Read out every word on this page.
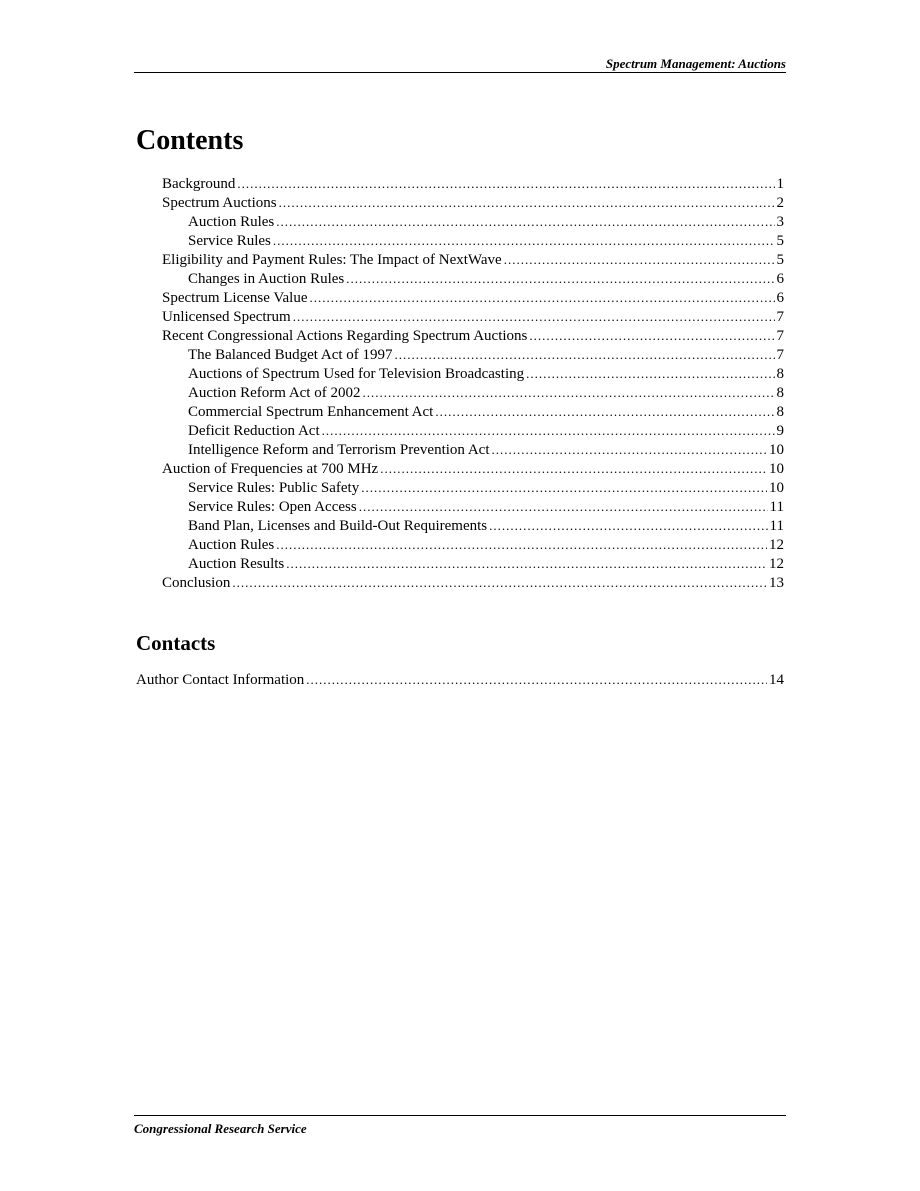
Spectrum Management: Auctions
Contents
Background .....	1
Spectrum Auctions .....	2
Auction Rules .....	3
Service Rules .....	5
Eligibility and Payment Rules: The Impact of NextWave .....	5
Changes in Auction Rules .....	6
Spectrum License Value .....	6
Unlicensed Spectrum .....	7
Recent Congressional Actions Regarding Spectrum Auctions .....	7
The Balanced Budget Act of 1997 .....	7
Auctions of Spectrum Used for Television Broadcasting .....	8
Auction Reform Act of 2002 .....	8
Commercial Spectrum Enhancement Act .....	8
Deficit Reduction Act .....	9
Intelligence Reform and Terrorism Prevention Act .....	10
Auction of Frequencies at 700 MHz .....	10
Service Rules: Public Safety .....	10
Service Rules: Open Access .....	11
Band Plan, Licenses and Build-Out Requirements .....	11
Auction Rules .....	12
Auction Results .....	12
Conclusion .....	13
Contacts
Author Contact Information .....	14
Congressional Research Service
